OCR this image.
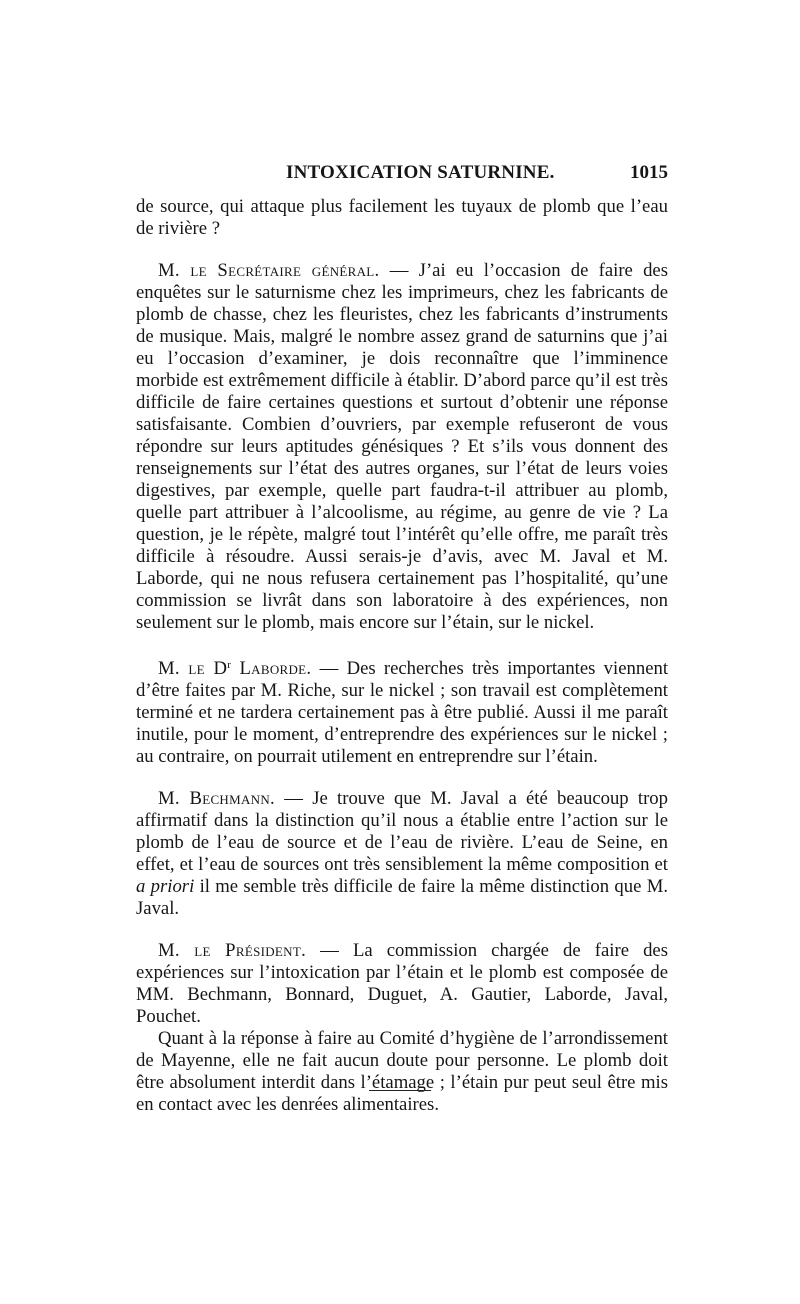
INTOXICATION SATURNINE.	1015

de source, qui attaque plus facilement les tuyaux de plomb que l’eau de rivière ?

M. le Secrétaire général. — J’ai eu l’occasion de faire des enquêtes sur le saturnisme chez les imprimeurs, chez les fabricants de plomb de chasse, chez les fleuristes, chez les fabricants d’instruments de musique. Mais, malgré le nombre assez grand de saturnins que j’ai eu l’occasion d’examiner, je dois reconnaître que l’imminence morbide est extrêmement difficile à établir. D’abord parce qu’il est très difficile de faire certaines questions et surtout d’obtenir une réponse satisfaisante. Combien d’ouvriers, par exemple refuseront de vous répondre sur leurs aptitudes génésiques ? Et s’ils vous donnent des renseignements sur l’état des autres organes, sur l’état de leurs voies digestives, par exemple, quelle part faudra-t-il attribuer au plomb, quelle part attribuer à l’alcoolisme, au régime, au genre de vie ? La question, je le répète, malgré tout l’intérêt qu’elle offre, me paraît très difficile à résoudre. Aussi serais-je d’avis, avec M. Javal et M. Laborde, qui ne nous refusera certainement pas l’hospitalité, qu’une commission se livrât dans son laboratoire à des expériences, non seulement sur le plomb, mais encore sur l’étain, sur le nickel.

M. le $D^r$ Laborde. — Des recherches très importantes viennent d’être faites par M. Riche, sur le nickel ; son travail est complètement terminé et ne tardera certainement pas à être publié. Aussi il me paraît inutile, pour le moment, d’entreprendre des expériences sur le nickel ; au contraire, on pourrait utilement en entreprendre sur l’étain.

M. Bechmann. — Je trouve que M. Javal a été beaucoup trop affirmatif dans la distinction qu’il nous a établie entre l’action sur le plomb de l’eau de source et de l’eau de rivière. L’eau de Seine, en effet, et l’eau de sources ont très sensiblement la même composition et a priori il me semble très difficile de faire la même distinction que M. Javal.

M. le Président. — La commission chargée de faire des expériences sur l’intoxication par l’étain et le plomb est composée de MM. Bechmann, Bonnard, Duguet, A. Gautier, Laborde, Javal, Pouchet.

Quant à la réponse à faire au Comité d’hygiène de l’arrondissement de Mayenne, elle ne fait aucun doute pour personne. Le plomb doit être absolument interdit dans l’étamage ; l’étain pur peut seul être mis en contact avec les denrées alimentaires.
